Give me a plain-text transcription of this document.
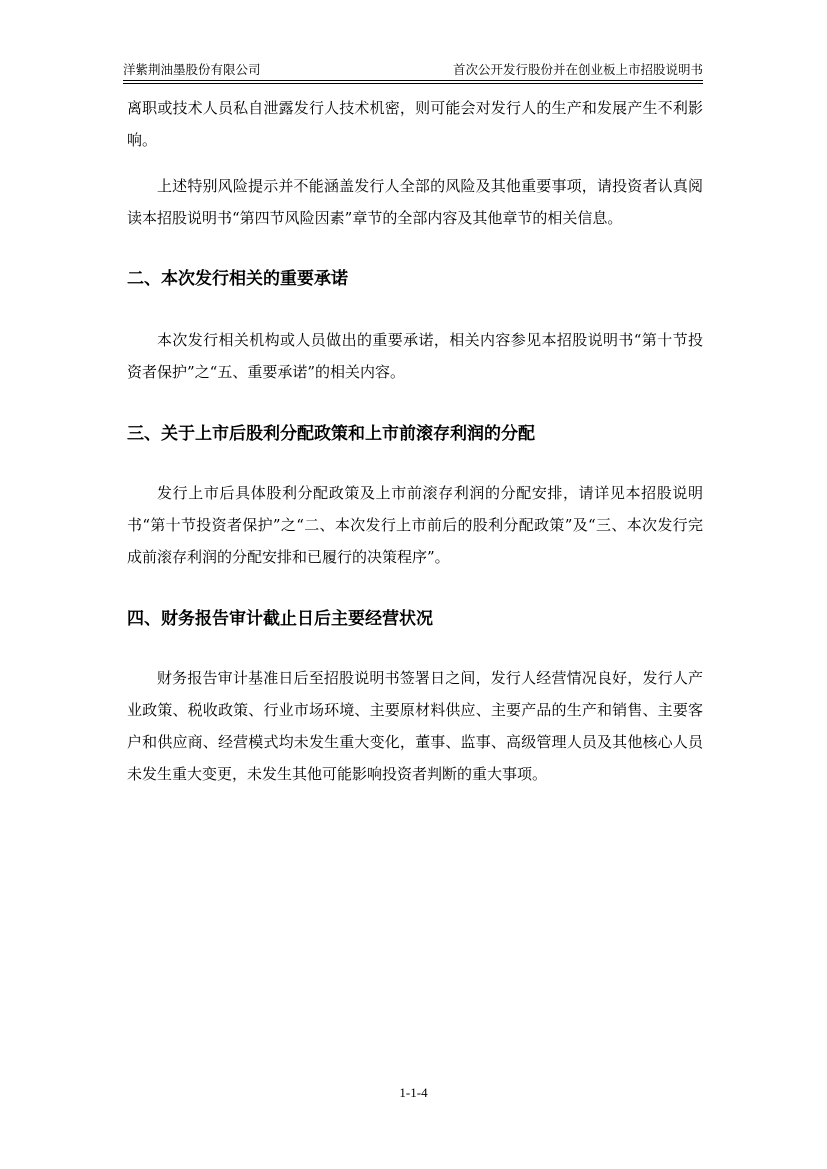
洋紫荆油墨股份有限公司	首次公开发行股份并在创业板上市招股说明书

离职或技术人员私自泄露发行人技术机密，则可能会对发行人的生产和发展产生不利影响。

上述特别风险提示并不能涵盖发行人全部的风险及其他重要事项，请投资者认真阅读本招股说明书“第四节风险因素”章节的全部内容及其他章节的相关信息。

二、本次发行相关的重要承诺

本次发行相关机构或人员做出的重要承诺，相关内容参见本招股说明书“第十节投资者保护”之“五、重要承诺”的相关内容。

三、关于上市后股利分配政策和上市前滚存利润的分配

发行上市后具体股利分配政策及上市前滚存利润的分配安排，请详见本招股说明书“第十节投资者保护”之“二、本次发行上市前后的股利分配政策”及“三、本次发行完成前滚存利润的分配安排和已履行的决策程序”。

四、财务报告审计截止日后主要经营状况

财务报告审计基准日后至招股说明书签署日之间，发行人经营情况良好，发行人产业政策、税收政策、行业市场环境、主要原材料供应、主要产品的生产和销售、主要客户和供应商、经营模式均未发生重大变化，董事、监事、高级管理人员及其他核心人员未发生重大变更，未发生其他可能影响投资者判断的重大事项。

1-1-4
